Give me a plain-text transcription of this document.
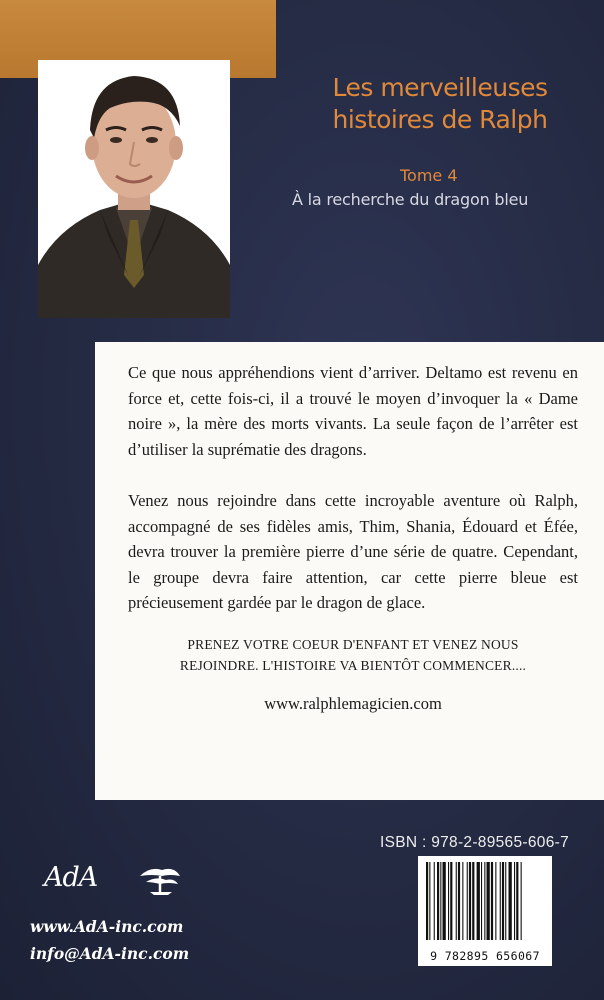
Les merveilleuses
histoires de Ralph
Tome 4
À la recherche du dragon bleu

Ce que nous appréhendions vient d’arriver. Deltamo est revenu en force et, cette fois-ci, il a trouvé le moyen d’invoquer la « Dame noire », la mère des morts vivants. La seule façon de l’arrêter est d’utiliser la suprématie des dragons.

Venez nous rejoindre dans cette incroyable aventure où Ralph, accompagné de ses fidèles amis, Thim, Shania, Édouard et Éfée, devra trouver la première pierre d’une série de quatre. Cependant, le groupe devra faire attention, car cette pierre bleue est précieusement gardée par le dragon de glace.

PRENEZ VOTRE COEUR D'ENFANT ET VENEZ NOUS
REJOINDRE. L'HISTOIRE VA BIENTÔT COMMENCER....

www.ralphlemagicien.com

ISBN : 978-2-89565-606-7
9 782895 656067
AdA
www.AdA-inc.com
info@AdA-inc.com
